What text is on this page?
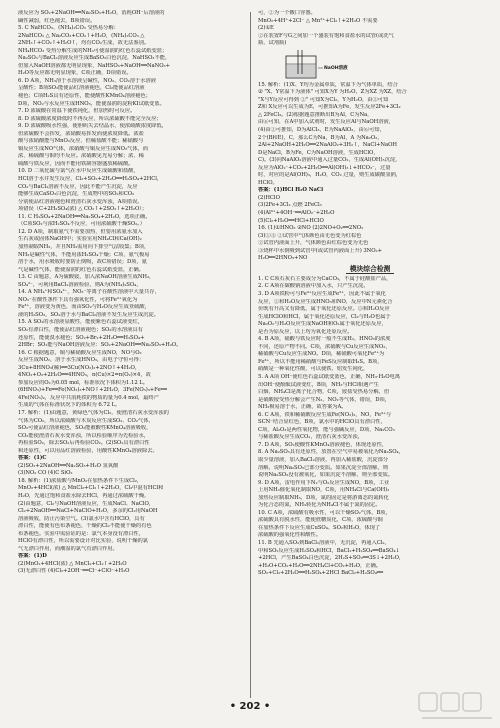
液反应为 SO₂+2NaOH══Na₂SO₃+H₂O，消耗OH⁻后溶液的
碱性减弱，红色褪去，B项错误。
5. C NaHCO₃、(NH₄)₂CO₃ 受热易分解：
2NaHCO₃ △ Na₂CO₃+CO₂↑+H₂O，(NH₄)₂CO₃ △
2NH₃↑+CO₂↑+H₂O↑，均有CO₂生成，故无法鉴别。
NH₄HCO₃ 受热分解生成的NH₃可使湿润的红色石蕊试纸变蓝；
Na₂SO₃与BaCl₂溶液反应生成BaSO₃白色沉淀，NaHSO₃不能，
但加入NaOH溶液都无明显现象，NaHSO₃+NaOH══NaNO₃+
H₂O等反应都无明显现象，C项正确，D项错误。
6. D A项，NH₃溶于水溶液呈碱性，NO₂、CO₂溶于水溶液
呈酸性；B项SO₂能使品红溶液褪色，Cl₂能使品红溶液
褪色；C项H₂S具有还原性，能使酸性KMnO₄溶液褪色；
D项，NO₂与水反应生成HNO₃，能使湿润的淀粉KI试纸变蓝。
7. D 浓硫酸在常温下使铁钝化，但加热时可反应。
8. D 浓硫酸浓度降低时不再反应，所以浓硫酸不能完全反应；
9. D 浓硫酸吸水性强，使胆矾失去结晶水，使浓硫酸浓度降低，
但浓硫酸不会挥发，浓硝酸易挥发而使浓度降低。浓盐
酸与浓硝酸能与MnO₂反应，但稀盐酸不能；稀硝酸与
铜反应生成NO气体，浓硝酸与铜反应生成NO₂气体，而
浓、稀硫酸与铜均不反应。浓硝酸见光易分解；浓、稀
硫酸与铁反应，因而不能用铁制容器盛放稀硫酸。
10. D 二氧化硫与氯气在水中反应生成硫酸和盐酸，
HCl溶于水并发生反应，Cl₂+SO₂+2H₂O══H₂SO₄+2HCl，
CO₂与BaCl₂溶液不反应，因此不能产生沉淀，反应
能够生成CaSO₃白色沉淀，生成物中的SO₂和CO₂
分别使品红溶液褪色和澄清石灰水变浑浊，A项错误。
项错误（C+2H₂SO₄(浓) △ CO₂↑+2SO₂↑+2H₂O）；
11. C H₂SO₄+2NaOH══Na₂SO₄+2H₂O，选项正确。
（C项SO₂与浓H₂SO₄不反应，可用浓硫酸干燥SO₂。）
12. D A项，制取氨气不需要加热，但要用浓氨水加入
生石灰或固体NaOH中；实验室用NH₄Cl和Ca(OH)₂
加热制取NH₃，并且NH₃需用向下排空气法收集；B项，
NH₃是碱性气体，不能用浓H₂SO₄干燥；C项，氨气极易
溶于水，用水吸收时要防止倒吸，故C项错误；D项，氨
气是碱性气体，能使湿润的红色石蕊试纸变蓝，正确。
13. C 由题意，A为硫酸铵，加入浓NaOH溶液生成NH₃，
SO₄²⁻，可利用BaCl₂溶液检验，则A为(NH₄)₂SO₄，
14. A NH₄⁺和SO₄²⁻，NO₃⁻等离子在酸性溶液中大量共存，
NO₃⁻在酸性条件下具有强氧化性，可将Fe²⁺氧化为
Fe³⁺，溶液变为黄色，而由SO₂与H₂O反应生成亚硫酸，
液的H₂SO₃，SO₂溶于水与BaCl₂溶液不发生反应生成沉淀。
15. A SO₂的水溶液显酸性，能使紫色石蕊试液变红，
SO₂有漂白性，能使品红溶液褪色；SO₂的水溶液具有
还原性，能使溴水褪色；SO₂+Br₂+2H₂O══H₂SO₄+
2HBr；SO₂能与NaOH溶液反应：SO₂+2NaOH══Na₂SO₃+H₂O。
16. C 根据题意，铜与稀硝酸反应生成NO，NO与O₂
反应生成NO₂，溶于水生成HNO₃，由电子守恒可得：
3Cu+8HNO₃(稀)══3Cu(NO₃)₂+2NO↑+4H₂O，
4NO₂+O₂+2H₂O══4HNO₃，n(Cu)×2=n(O₂)×4，故
参加反应的O₂为0.05 mol，标准状况下体积为1.12 L。
(6HNO₃)+Fe══Fe(NO₃)₃+NO↑+2H₂O，3Fe(NO₃)₃+Fe══
4Fe(NO₃)₂，反应中共消耗铁的物质的量为0.4 mol，最终产
生成的气体在标准状况下的体积为 6.72 L。
17. 解析：(1)由题意，黄绿色气体为Cl₂，使澄清石灰水变浑浊的
气体为CO₂，所以浓硫酸与木炭反应生成SO₂、CO₂气体，
SO₂可使品红溶液褪色，SO₂能被酸性KMnO₄溶液吸收，
CO₂能使澄清石灰水变浑浊，所以检验顺序为先检验水，
再检验SO₂，除去SO₂后再检验CO₂。(2)SO₂具有漂白性
和还原性，可以用品红溶液检验，用酸性KMnO₄溶液除去。
答案：(1)C
(2)SO₂+2NaOH══Na₂SO₃+H₂O 氢氧酸
(3)NO₂ CO (4)C SiO₂
18. 解析：(1)浓盐酸与MnO₂在加热条件下生成Cl₂，
MnO₂+4HCl(浓) △ MnCl₂+Cl₂↑+2H₂O，Cl₂中混有HCl和
H₂O，先通过饱和食盐水除去HCl，再通过浓硫酸干燥，
(2)由题意，Cl₂与NaOH溶液反应，生成NaCl、NaClO，
Cl₂+2NaOH══NaCl+NaClO+H₂O，多余的Cl₂用NaOH
溶液吸收，防止污染空气。(3)氯水中含有HClO，具有
漂白性，能使有色布条褪色，干燥的Cl₂不能使干燥的有色
布条褪色。实验中需验证的是：氯气本身没有漂白性，
HClO有漂白性，所以需要设计对比实验，说明干燥的氯
气无漂白作用，而潮湿的氯气有漂白作用。
答案：(1)D
(2)MnO₂+4HCl(浓) △ MnCl₂+Cl₂↑+2H₂O
(3)无漂白性 (4)Cl₂+2OH⁻══Cl⁻+ClO⁻+H₂O
可，②为一个敞口容器。
MnO₂+4H⁺+2Cl⁻ △ Mn²⁺+Cl₂↑+2H₂O 不需要
(2)①E
②在装置F与G之间加一个盛装有饱和食盐水的试管(或洗气
瓶、试剂瓶)
NaOH溶液
15. 解析：(1)X、Y均为金属单质，常温下为气体单质，结合
② "X、Y常温下为液体" 可知X为Y 为H₂O，Z为XZ 为XZ，结合
"X与Y反应可得到 ②" 可知X为Cl₂，Y为H₂O，由⑤可知
Z和 X反应可以生成为E，可推知A为Fe，发生反应2Fe+3Cl₂
△ 2FeCl₃。(2)根据题意推断出B为Al，C为Na，
由⑥可知，在A中加入试剂时，发生反应Al与NaOH溶液，
(4)由②可推知，D为AlCl₃，E为NaAlO₂，由⑥可知，
2个(B和E)，C，那么C为Na，B为Al，A 为Na₂O₂，
2Al+2NaOH+2H₂O══2NaAlO₂+3H₂↑，NaCl+NaOH
D是NaCl，B为Fe，C为NaOH溶液，生成HClO，
C)。(3)向NaAlO₂溶液中通入过量CO₂，生成Al(OH)₃沉淀，
反应为AlO₂⁻+CO₂+2H₂O══Al(OH)₃↓+HCO₃⁻，过量
时，对应的是Al(OH)₃，H₂O，CO₂ 过量，则生成碳酸氢钠，
HClO。
答案：(1)HCl H₂O NaCl
(2)HClO
(3)2Fe+3Cl₂ 点燃 2FeCl₃
(4)Al³⁺+4OH⁻══AlO₂⁻+2H₂O
(5)Cl₂+H₂O══HCl+HClO
16. (1)①HNO₃ ②NO (2)2NO+O₂══2NO₂
(3)①③ ②试管中气体颜色由无色变为红棕色
②试管内液面上升，气体颜色由红棕色变为无色
③烧杯中水倒吸到试管中(或试管内液面上升) 3NO₂+
H₂O══2HNO₃+NO
模块综合检测
1. C C项石灰石主要成分为CaCO₃，不属于硅酸盐产品，
2. C A项在碳酸钠溶液中加入水，只产生沉淀。
3. D A项铁粉可与Fe³⁺反应生成Fe²⁺，因此不属于氧化
反应，②和H₂O反应生成HNO₃和NO，反应中N元素化合
价既有升高又有降低，属于氧化还原反应。⑤和H₂O反应
生成HClO和HCl，属于氧化还原反应，Cl₂与H₂O也属于
Na₂O₂与H₂O反应生成NaOH和O₂属于氧化还原反应，
是否为原反应，以上均为氧化还原反应。
4. B A项，硝酸与铁反应时一般不生成H₂，HNO₃的浓度
不同，还原产物不同。C项，浓硝酸与Cu反应生成NO₂，
稀硝酸与Cu反应生成NO。D项，稀硝酸可氧化Fe²⁺为
Fe³⁺，所以不能用稀硝酸与FeS反应制取H₂S。B项，
硝酸是一种氧化性酸，可以使铁、铝发生钝化，
5. A A项 OH⁻使红色石蕊试纸变蓝色，正确，NH₃·H₂O电离
出OH⁻使酚酞试液变红，B项，NH₃与HCl相遇产生
白烟，NH₄Cl是离子化合物，C项，铵盐受热易分解，但
是硝酸铵受热分解会产生N₂、NO₂等气体，错误，D项，
NH₃极易溶于水，正确，故答案为A。
6. C A项，铁和稀硝酸反应生成Fe(NO₃)₃，NO，Fe³⁺与
SCN⁻结合显红色，B项，氯水中的HClO具有漂白性，
C项，Al₂O₃是两性氧化物，能与强碱反应，D项，Na₂CO₃
与稀盐酸反应生成CO₂，澄清石灰水变浑浊，
7. D A项，SO₂使酸性KMnO₄溶液褪色，体现还原性，
8. A Na₂SO₃具有还原性，放置在空气中易被氧化为Na₂SO₄，
取少量溶液，加入BaCl₂溶液，再加入稀盐酸，沉淀部分
溶解，说明Na₂SO₃已部分变质。如果沉淀全部溶解，则
说明Na₂SO₃没有被氧化，如果沉淀不溶解，则全部变质。
9. D A项，雷电作用下N₂与O₂反应生成NO，B项，工业
上用NH₃催化氧化制取NO，C项，用NH₄Cl与Ca(OH)₂
加热反应制取NH₃，D项，氮的固定是将游离态的氮转化
为化合态的氮，NH₃转化为NH₄Cl不属于氮的固定。
10. C A项，浓硫酸有吸水性，可以干燥SO₂气体，B项，
浓硫酸具有脱水性，能使蔗糖炭化，C项，浓硫酸与铜
在加热条件下反应生成CuSO₄、SO₂和H₂O，体现了
浓硫酸的强氧化性和酸性。
11. B 先通入SO₂到BaCl₂溶液中，无沉淀，再通入Cl₂，
中和SO₂反应生成H₂SO₄和HCl，BaCl₂+H₂SO₄══BaSO₄↓
+2HCl，产生BaSO₄白色沉淀，2H₂S+SO₂══3S↓+2H₂O，
+H₂O+CO₂+H₂O══2NH₄Cl+CO₂+H₂O，正确。
SO₂+Cl₂+2H₂O══H₂SO₄+2HCl BaCl₂+H₂SO₄══
• 202 •
